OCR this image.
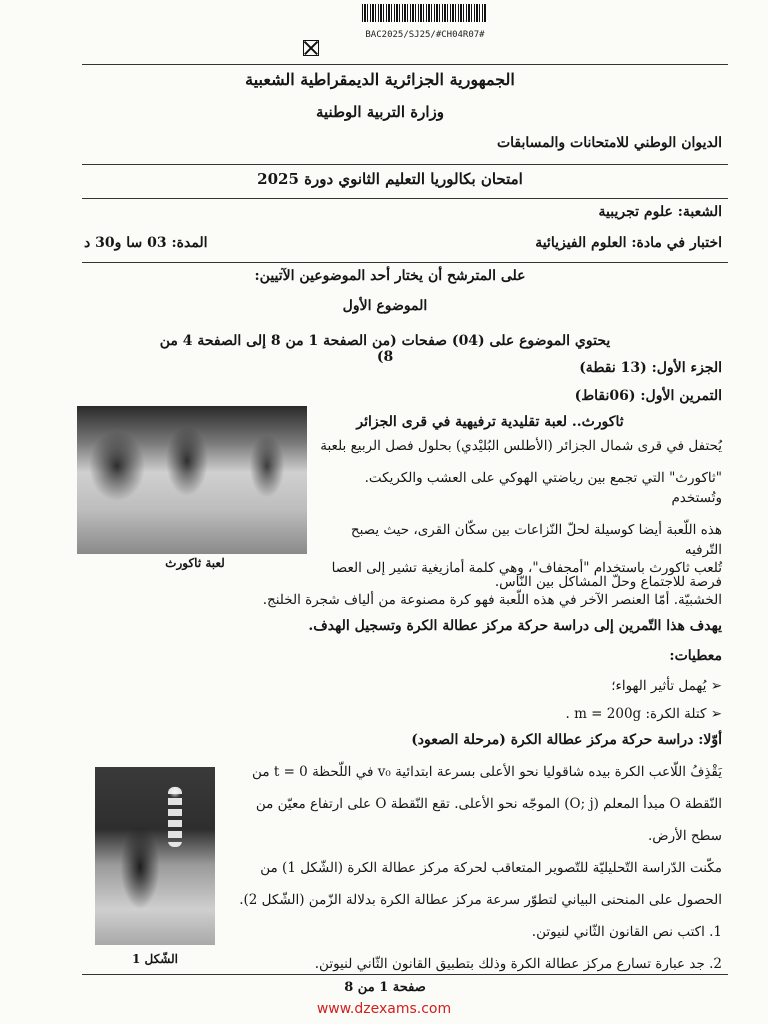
BAC2025/SJ25/#CH04R07#
الجمهورية الجزائرية الديمقراطية الشعبية
وزارة التربية الوطنية
الديوان الوطني للامتحانات والمسابقات
امتحان بكالوريا التعليم الثانوي دورة 2025
الشعبة: علوم تجريبية
اختبار في مادة: العلوم الفيزيائية
المدة: 03 سا و30 د
على المترشح أن يختار أحد الموضوعين الآتيين:
الموضوع الأول
يحتوي الموضوع على (04) صفحات (من الصفحة 1 من 8 إلى الصفحة 4 من 8)
الجزء الأول: (13 نقطة)
التمرين الأول: (06نقاط)
لعبة ثاكورث
ثاكورث.. لعبة تقليدية ترفيهية في قرى الجزائر
يُحتفل في قرى شمال الجزائر (الأطلس البُليْدي) بحلول فصل الربيع بلعبة
"ثاكورث" التي تجمع بين رياضتي الهوكي على العشب والكريكت. وتُستخدم
هذه اللّعبة أيضا كوسيلة لحلّ النّزاعات بين سكّان القرى، حيث يصبح التّرفيه
فرصة للاجتماع وحلّ المشاكل بين النّاس.
تُلعب ثاكورث باستخدام "أمجفاف"، وهي كلمة أمازيغية تشير إلى العصا
الخشبيّة. أمّا العنصر الآخر في هذه اللّعبة فهو كرة مصنوعة من ألياف شجرة الخلنج.
يهدف هذا التّمرين إلى دراسة حركة مركز عطالة الكرة وتسجيل الهدف.
معطيات:
➢ يُهمل تأثير الهواء؛
➢ كتلة الكرة: m = 200g .
أوّلا: دراسة حركة مركز عطالة الكرة (مرحلة الصعود)
الشّكل 1
يَقْذِفُ اللّاعب الكرة بيده شاقوليا نحو الأعلى بسرعة ابتدائية v₀ في اللّحظة t = 0 من
النّقطة O مبدأ المعلم (O; j) الموجّه نحو الأعلى. تقع النّقطة O على ارتفاع معيّن من
سطح الأرض.
مكّنت الدّراسة التّحليليّة للتّصوير المتعاقب لحركة مركز عطالة الكرة (الشّكل 1) من
الحصول على المنحنى البياني لتطوّر سرعة مركز عطالة الكرة بدلالة الزّمن (الشّكل 2).
1. اكتب نص القانون الثّاني لنيوتن.
2. جد عبارة تسارع مركز عطالة الكرة وذلك بتطبيق القانون الثّاني لنيوتن.
صفحة 1 من 8
www.dzexams.com
